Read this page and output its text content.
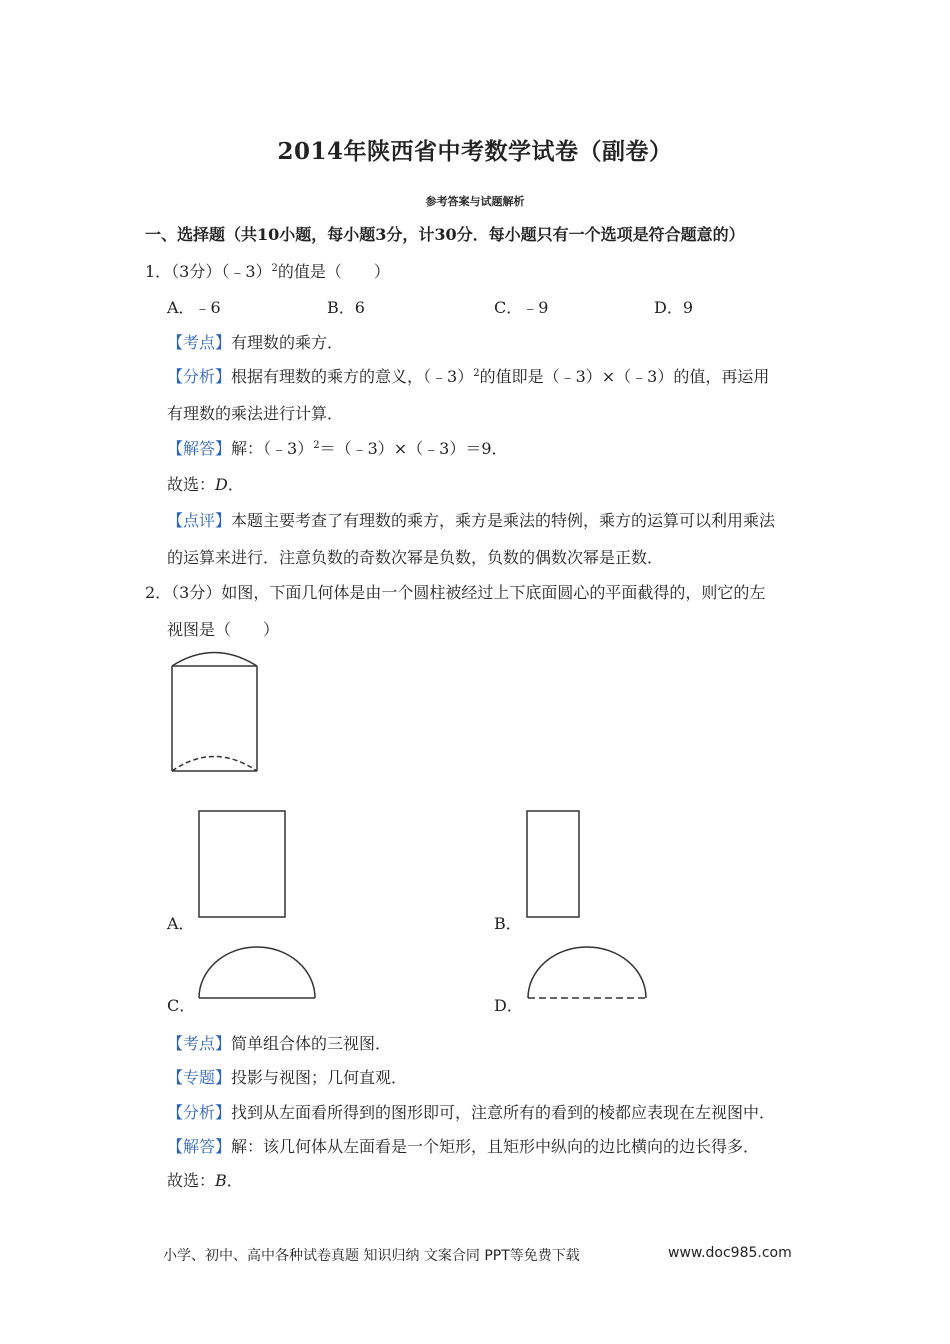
2014年陕西省中考数学试卷（副卷）
参考答案与试题解析
一、选择题（共10小题，每小题3分，计30分．每小题只有一个选项是符合题意的）
1．（3分）（﹣3）$^2$的值是（　　）
A．﹣6	B．6	C．﹣9	D．9
【考点】有理数的乘方．
【分析】根据有理数的乘方的意义，（﹣3）$^2$的值即是（﹣3）×（﹣3）的值，再运用
有理数的乘法进行计算．
【解答】解：（﹣3）$^2$＝（﹣3）×（﹣3）＝9．
故选：D．
【点评】本题主要考查了有理数的乘方，乘方是乘法的特例，乘方的运算可以利用乘法
的运算来进行．注意负数的奇数次幂是负数，负数的偶数次幂是正数．
2．（3分）如图，下面几何体是由一个圆柱被经过上下底面圆心的平面截得的，则它的左
视图是（　　）
A．	B．
C．	D．
【考点】简单组合体的三视图．
【专题】投影与视图；几何直观．
【分析】找到从左面看所得到的图形即可，注意所有的看到的棱都应表现在左视图中．
【解答】解：该几何体从左面看是一个矩形，且矩形中纵向的边比横向的边长得多．
故选：B．
小学、初中、高中各种试卷真题 知识归纳 文案合同 PPT等免费下载	www.doc985.com
